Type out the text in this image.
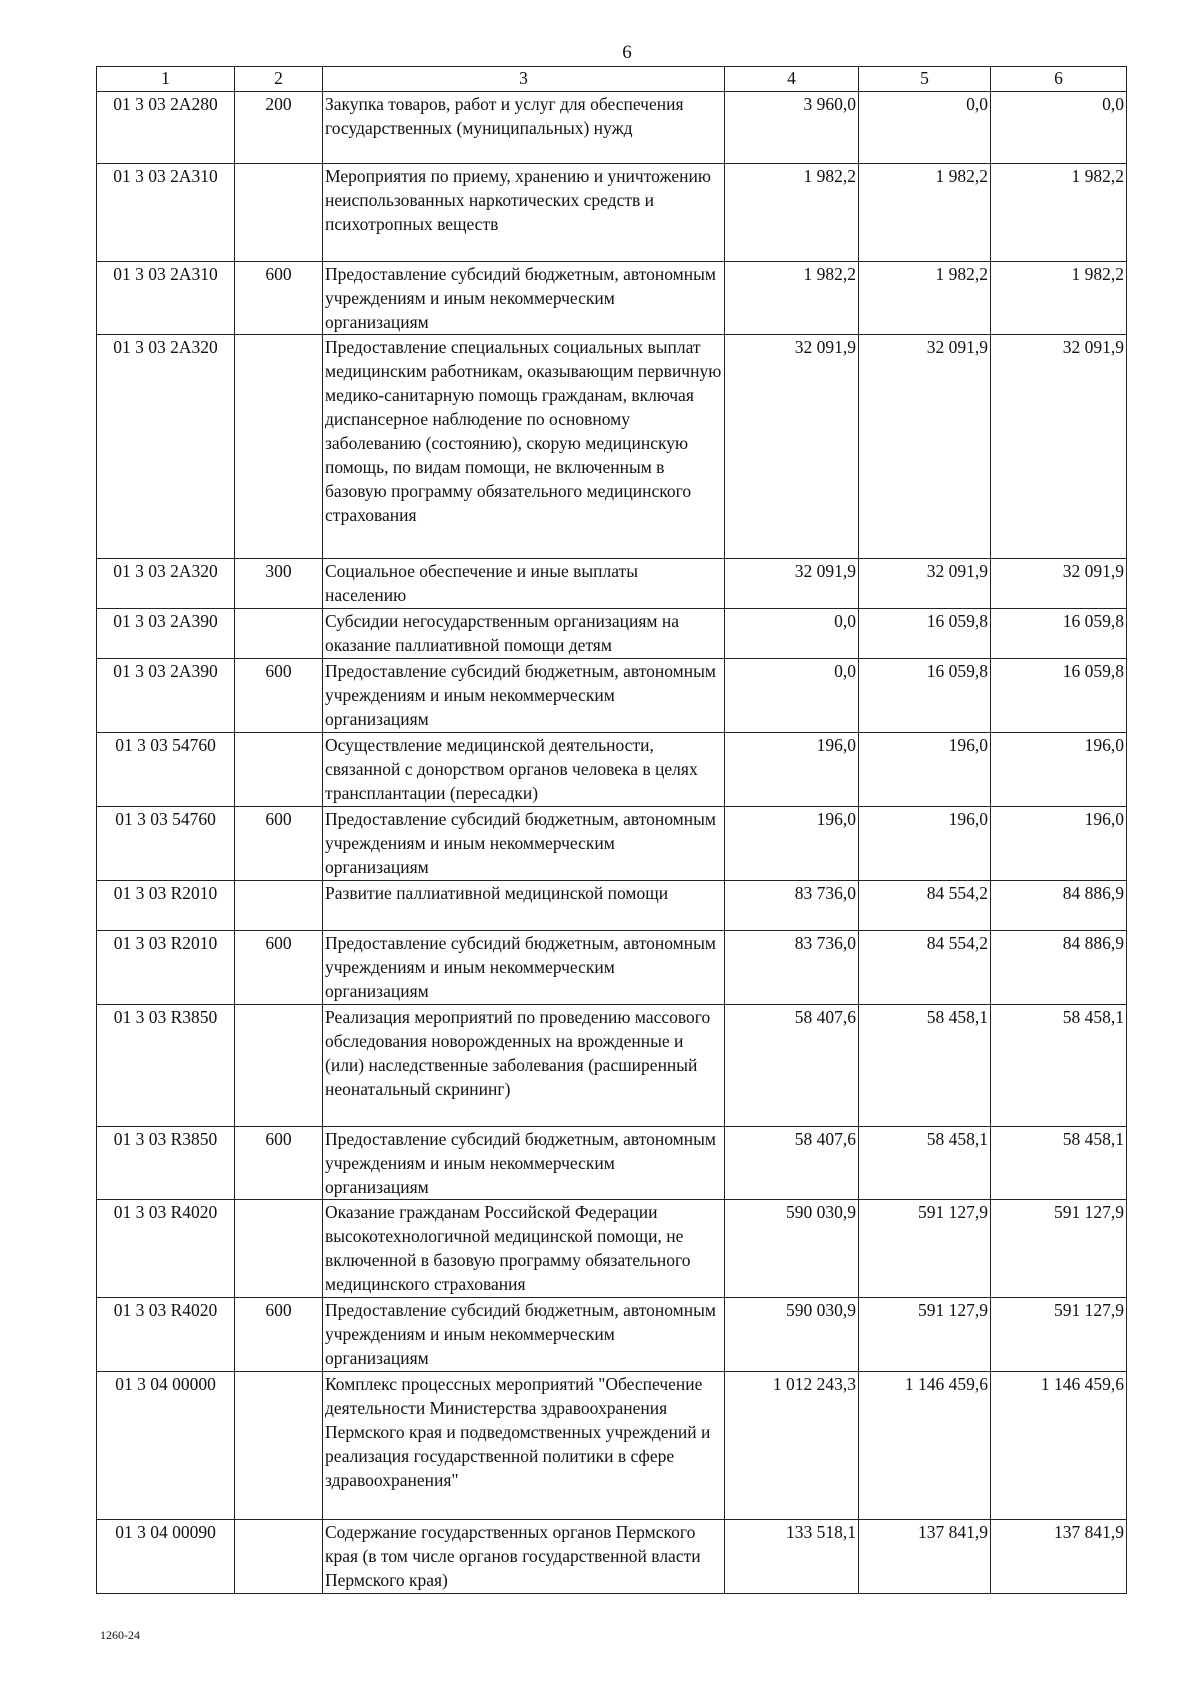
6
1	2	3	4	5	6
01 3 03 2A280	200	Закупка товаров, работ и услуг для обеспечения государственных (муниципальных) нужд	3 960,0	0,0	0,0
01 3 03 2A310		Мероприятия по приему, хранению и уничтожению неиспользованных наркотических средств и психотропных веществ	1 982,2	1 982,2	1 982,2
01 3 03 2A310	600	Предоставление субсидий бюджетным, автономным учреждениям и иным некоммерческим организациям	1 982,2	1 982,2	1 982,2
01 3 03 2A320		Предоставление специальных социальных выплат медицинским работникам, оказывающим первичную медико-санитарную помощь гражданам, включая диспансерное наблюдение по основному заболеванию (состоянию), скорую медицинскую помощь, по видам помощи, не включенным в базовую программу обязательного медицинского страхования	32 091,9	32 091,9	32 091,9
01 3 03 2A320	300	Социальное обеспечение и иные выплаты населению	32 091,9	32 091,9	32 091,9
01 3 03 2A390		Субсидии негосударственным организациям на оказание паллиативной помощи детям	0,0	16 059,8	16 059,8
01 3 03 2A390	600	Предоставление субсидий бюджетным, автономным учреждениям и иным некоммерческим организациям	0,0	16 059,8	16 059,8
01 3 03 54760		Осуществление медицинской деятельности, связанной с донорством органов человека в целях трансплантации (пересадки)	196,0	196,0	196,0
01 3 03 54760	600	Предоставление субсидий бюджетным, автономным учреждениям и иным некоммерческим организациям	196,0	196,0	196,0
01 3 03 R2010		Развитие паллиативной медицинской помощи	83 736,0	84 554,2	84 886,9
01 3 03 R2010	600	Предоставление субсидий бюджетным, автономным учреждениям и иным некоммерческим организациям	83 736,0	84 554,2	84 886,9
01 3 03 R3850		Реализация мероприятий по проведению массового обследования новорожденных на врожденные и (или) наследственные заболевания (расширенный неонатальный скрининг)	58 407,6	58 458,1	58 458,1
01 3 03 R3850	600	Предоставление субсидий бюджетным, автономным учреждениям и иным некоммерческим организациям	58 407,6	58 458,1	58 458,1
01 3 03 R4020		Оказание гражданам Российской Федерации высокотехнологичной медицинской помощи, не включенной в базовую программу обязательного медицинского страхования	590 030,9	591 127,9	591 127,9
01 3 03 R4020	600	Предоставление субсидий бюджетным, автономным учреждениям и иным некоммерческим организациям	590 030,9	591 127,9	591 127,9
01 3 04 00000		Комплекс процессных мероприятий "Обеспечение деятельности Министерства здравоохранения Пермского края и подведомственных учреждений и реализация государственной политики в сфере здравоохранения"	1 012 243,3	1 146 459,6	1 146 459,6
01 3 04 00090		Содержание государственных органов Пермского края (в том числе органов государственной власти Пермского края)	133 518,1	137 841,9	137 841,9
1260-24
